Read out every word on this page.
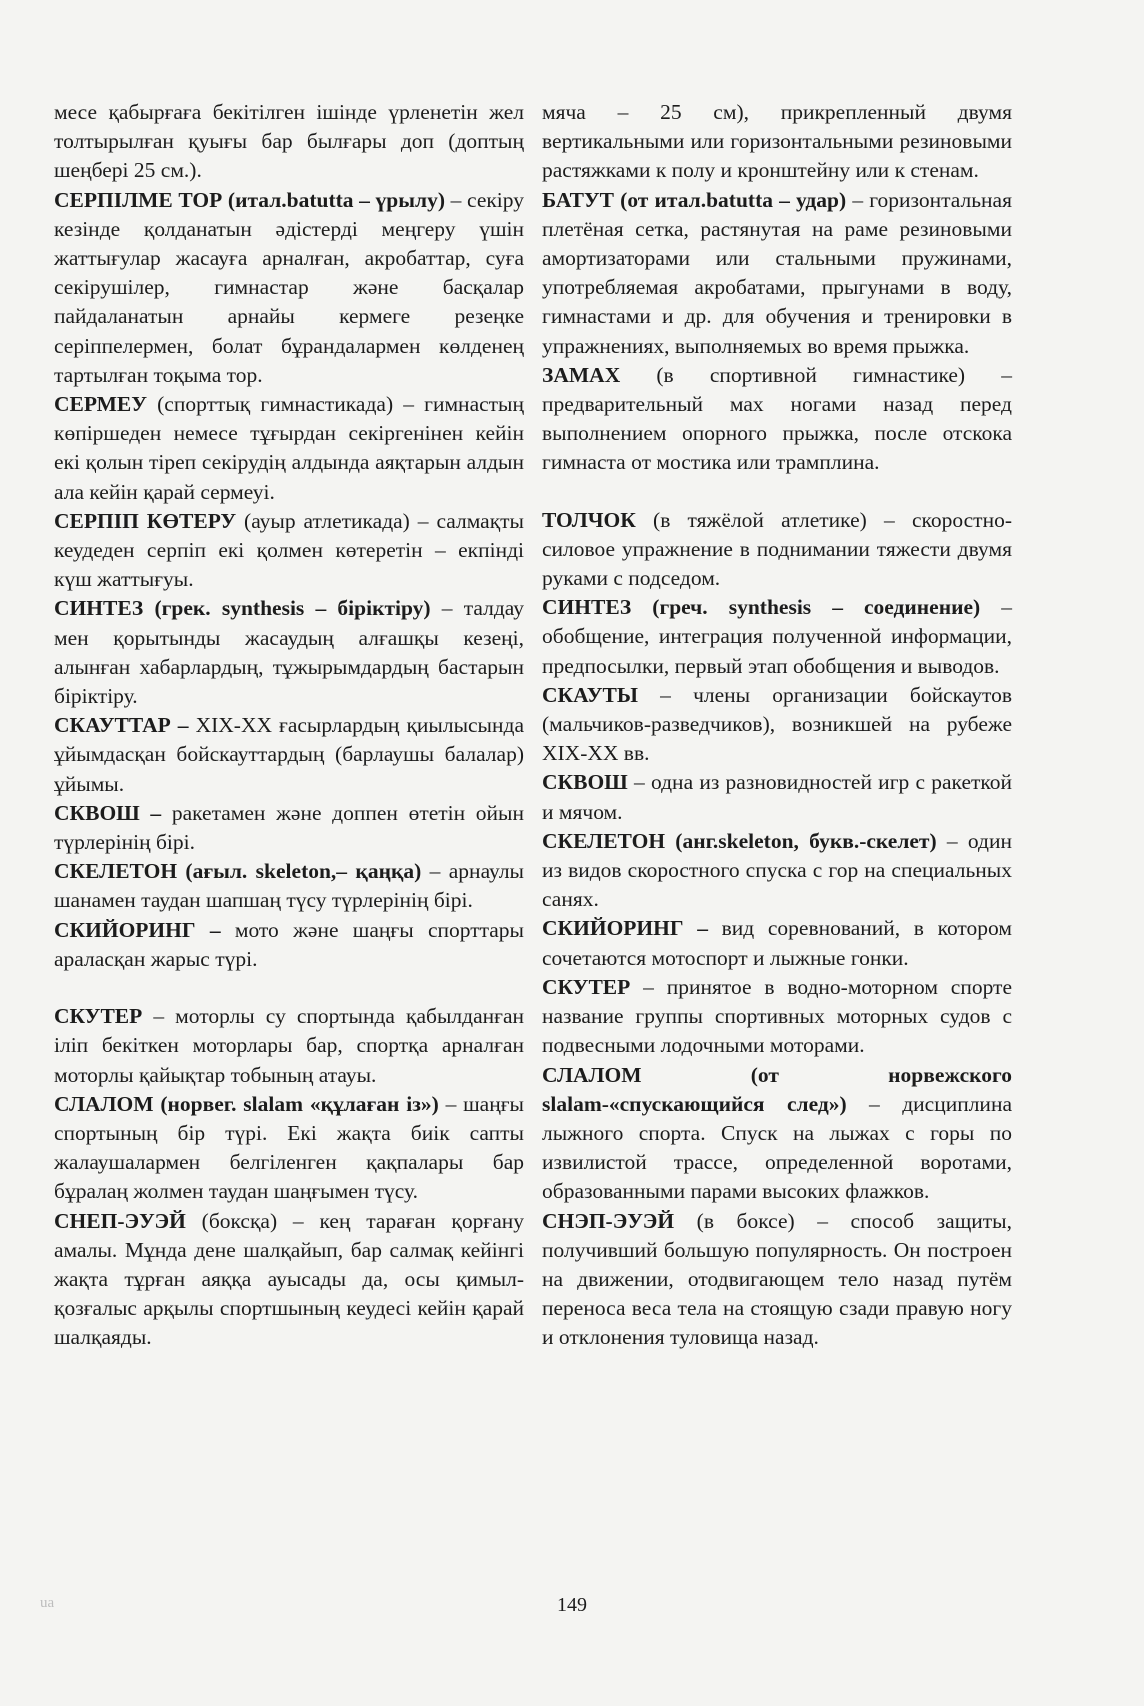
месе қабырғаға бекітілген ішінде үрленетін жел толтырылған қуығы бар былғары доп (доптың шеңбері 25 см.).

СЕРПІЛМЕ ТОР (итал.batutta – үрылу) – секіру кезінде қолданатын әдістерді меңгеру үшін жаттығулар жасауға арналған, акробаттар, суға секірушілер, гимнастар және басқалар пайдаланатын арнайы кермеге резеңке серіппелермен, болат бұрандалармен көлденең тартылған тоқыма тор.

СЕРМЕУ (спорттық гимнастикада) – гимнастың көпіршеден немесе тұғырдан секіргенінен кейін екі қолын тіреп секірудің алдында аяқтарын алдын ала кейін қарай сермеуі.

СЕРПІП КӨТЕРУ (ауыр атлетикада) – салмақты кеудеден серпіп екі қолмен көтеретін – екпінді күш жаттығуы.

СИНТЕЗ (грек. synthesis – біріктіру) – талдау мен қорытынды жасаудың алғашқы кезеңі, алынған хабарлардың, тұжырымдардың бастарын біріктіру.

СКАУТТАР – XIX-XX ғасырлардың қиылысында ұйымдасқан бойскауттардың (барлаушы балалар) ұйымы.

СКВОШ – ракетамен және доппен өтетін ойын түрлерінің бірі.

СКЕЛЕТОН (ағыл. skeleton,– қаңқа) – арнаулы шанамен таудан шапшаң түсу түрлерінің бірі.

СКИЙОРИНГ – мото және шаңғы спорттары араласқан жарыс түрі.

СКУТЕР – моторлы су спортында қабылданған іліп бекіткен моторлары бар, спортқа арналған моторлы қайықтар тобының атауы.

СЛАЛОМ (норвег. slalam «құлаған із») – шаңғы спортының бір түрі. Екі жақта биік сапты жалаушалармен белгіленген қақпалары бар бұралаң жолмен таудан шаңғымен түсу.

СНЕП-ЭУЭЙ (боксқа) – кең тараған қорғану амалы. Мұнда дене шалқайып, бар салмақ кейінгі жақта тұрған аяққа ауысады да, осы қимыл-қозғалыс арқылы спортшының кеудесі кейін қарай шалқаяды.

мяча – 25 см), прикрепленный двумя вертикальными или горизонтальными резиновыми растяжками к полу и кронштейну или к стенам.

БАТУТ (от итал.batutta – удар) – горизонтальная плетёная сетка, растянутая на раме резиновыми амортизаторами или стальными пружинами, употребляемая акробатами, прыгунами в воду, гимнастами и др. для обучения и тренировки в упражнениях, выполняемых во время прыжка.

ЗАМАХ (в спортивной гимнастике) – предварительный мах ногами назад перед выполнением опорного прыжка, после отскока гимнаста от мостика или трамплина.

ТОЛЧОК (в тяжёлой атлетике) – скоростно-силовое упражнение в поднимании тяжести двумя руками с подседом.

СИНТЕЗ (греч. synthesis – соединение) – обобщение, интеграция полученной информации, предпосылки, первый этап обобщения и выводов.

СКАУТЫ – члены организации бойскаутов (мальчиков-разведчиков), возникшей на рубеже XIX-XX вв.

СКВОШ – одна из разновидностей игр с ракеткой и мячом.

СКЕЛЕТОН (анг.skeleton, букв.-скелет) – один из видов скоростного спуска с гор на специальных санях.

СКИЙОРИНГ – вид соревнований, в котором сочетаются мотоспорт и лыжные гонки.

СКУТЕР – принятое в водно-моторном спорте название группы спортивных моторных судов с подвесными лодочными моторами.

СЛАЛОМ (от норвежского slalam-«спускающийся след») – дисциплина лыжного спорта. Спуск на лыжах с горы по извилистой трассе, определенной воротами, образованными парами высоких флажков.

СНЭП-ЭУЭЙ (в боксе) – способ защиты, получивший большую популярность. Он построен на движении, отодвигающем тело назад путём переноса веса тела на стоящую сзади правую ногу и отклонения туловища назад.

ua	149
